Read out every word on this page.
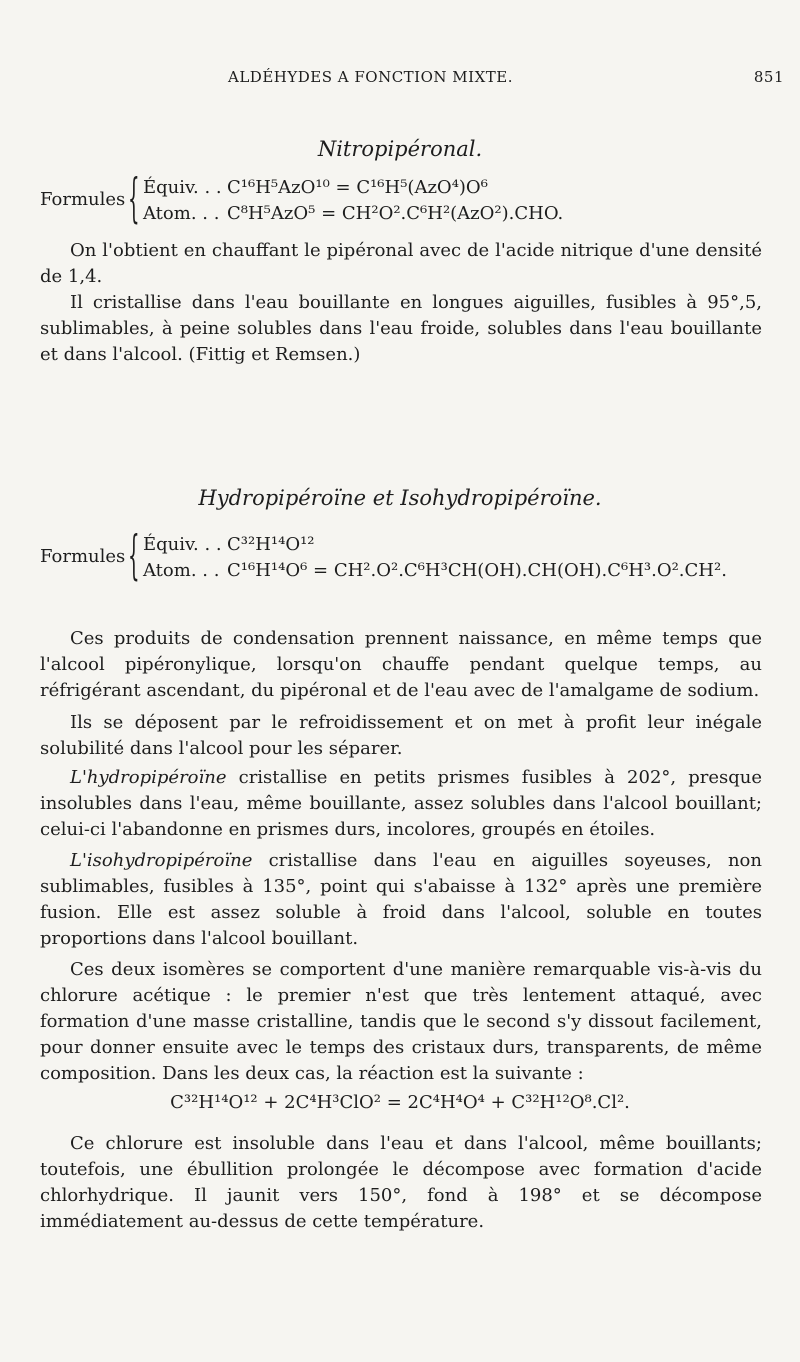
ALDÉHYDES A FONCTION MIXTE.	851
Nitropipéronal.
Formules { Équiv. . . C¹⁶H⁵AzO¹⁰ = C¹⁶H⁵(AzO⁴)O⁶
Atom. . . C⁸H⁵AzO⁵ = CH²O².C⁶H²(AzO²).CHO.

On l'obtient en chauffant le pipéronal avec de l'acide nitrique d'une densité de 1,4.

Il cristallise dans l'eau bouillante en longues aiguilles, fusibles à 95°,5, sublimables, à peine solubles dans l'eau froide, solubles dans l'eau bouillante et dans l'alcool. (Fittig et Remsen.)

Hydropipéroïne et Isohydropipéroïne.
Formules { Équiv. . . C³²H¹⁴O¹²
Atom. . . C¹⁶H¹⁴O⁶ = CH².O².C⁶H³CH(OH).CH(OH).C⁶H³.O².CH².

Ces produits de condensation prennent naissance, en même temps que l'alcool pipéronylique, lorsqu'on chauffe pendant quelque temps, au réfrigérant ascendant, du pipéronal et de l'eau avec de l'amalgame de sodium.

Ils se déposent par le refroidissement et on met à profit leur inégale solubilité dans l'alcool pour les séparer.

L'hydropipéroïne cristallise en petits prismes fusibles à 202°, presque insolubles dans l'eau, même bouillante, assez solubles dans l'alcool bouillant; celui-ci l'abandonne en prismes durs, incolores, groupés en étoiles.

L'isohydropipéroïne cristallise dans l'eau en aiguilles soyeuses, non sublimables, fusibles à 135°, point qui s'abaisse à 132° après une première fusion. Elle est assez soluble à froid dans l'alcool, soluble en toutes proportions dans l'alcool bouillant.

Ces deux isomères se comportent d'une manière remarquable vis-à-vis du chlorure acétique : le premier n'est que très lentement attaqué, avec formation d'une masse cristalline, tandis que le second s'y dissout facilement, pour donner ensuite avec le temps des cristaux durs, transparents, de même composition. Dans les deux cas, la réaction est la suivante :

C³²H¹⁴O¹² + 2C⁴H³ClO² = 2C⁴H⁴O⁴ + C³²H¹²O⁸.Cl².

Ce chlorure est insoluble dans l'eau et dans l'alcool, même bouillants; toutefois, une ébullition prolongée le décompose avec formation d'acide chlorhydrique. Il jaunit vers 150°, fond à 198° et se décompose immédiatement au-dessus de cette température.
